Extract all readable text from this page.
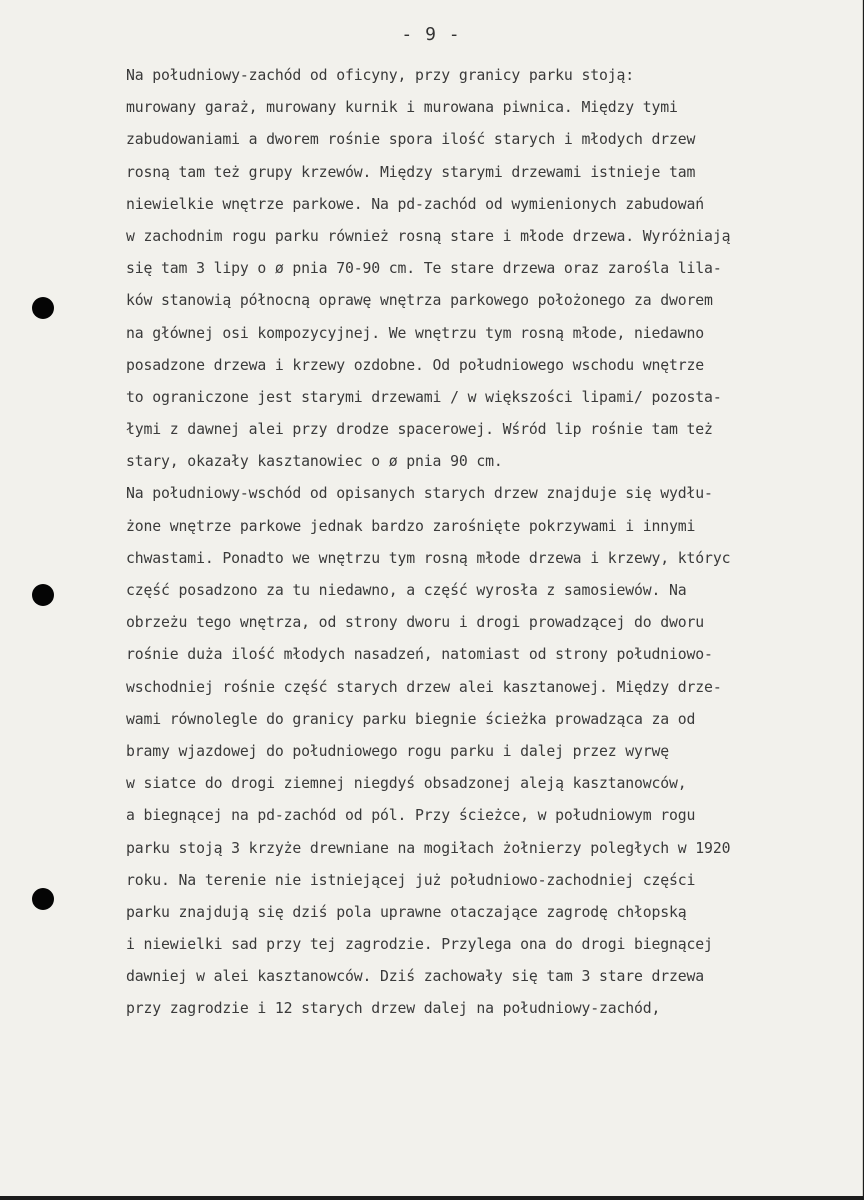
- 9 -
Na południowy-zachód od oficyny, przy granicy parku stoją:
murowany garaż, murowany kurnik i murowana piwnica. Między tymi
zabudowaniami a dworem rośnie spora ilość starych i młodych drzew
rosną tam też grupy krzewów. Między starymi drzewami istnieje tam
niewielkie wnętrze parkowe. Na pd-zachód od wymienionych zabudowań
w zachodnim rogu parku również rosną stare i młode drzewa. Wyróżniają
się tam 3 lipy o ø pnia 70-90 cm. Te stare drzewa oraz zarośla lila-
ków stanowią północną oprawę wnętrza parkowego położonego za dworem
na głównej osi kompozycyjnej. We wnętrzu tym rosną młode, niedawno
posadzone drzewa i krzewy ozdobne. Od południowego wschodu wnętrze
to ograniczone jest starymi drzewami / w większości lipami/ pozosta-
łymi z dawnej alei przy drodze spacerowej. Wśród lip rośnie tam też
stary, okazały kasztanowiec o ø pnia 90 cm.
Na południowy-wschód od opisanych starych drzew znajduje się wydłu-
żone wnętrze parkowe jednak bardzo zarośnięte pokrzywami i innymi
chwastami. Ponadto we wnętrzu tym rosną młode drzewa i krzewy, któryc
część posadzono za tu niedawno, a część wyrosła z samosiewów. Na
obrzeżu tego wnętrza, od strony dworu i drogi prowadzącej do dworu
rośnie duża ilość młodych nasadzeń, natomiast od strony południowo-
wschodniej rośnie część starych drzew alei kasztanowej. Między drze-
wami równolegle do granicy parku biegnie ścieżka prowadząca za od
bramy wjazdowej do południowego rogu parku i dalej przez wyrwę
w siatce do drogi ziemnej niegdyś obsadzonej aleją kasztanowców,
a biegnącej na pd-zachód od pól. Przy ścieżce, w południowym rogu
parku stoją 3 krzyże drewniane na mogiłach żołnierzy poległych w 1920
roku. Na terenie nie istniejącej już południowo-zachodniej części
parku znajdują się dziś pola uprawne otaczające zagrodę chłopską
i niewielki sad przy tej zagrodzie. Przylega ona do drogi biegnącej
dawniej w alei kasztanowców. Dziś zachowały się tam 3 stare drzewa
przy zagrodzie i 12 starych drzew dalej na południowy-zachód,
